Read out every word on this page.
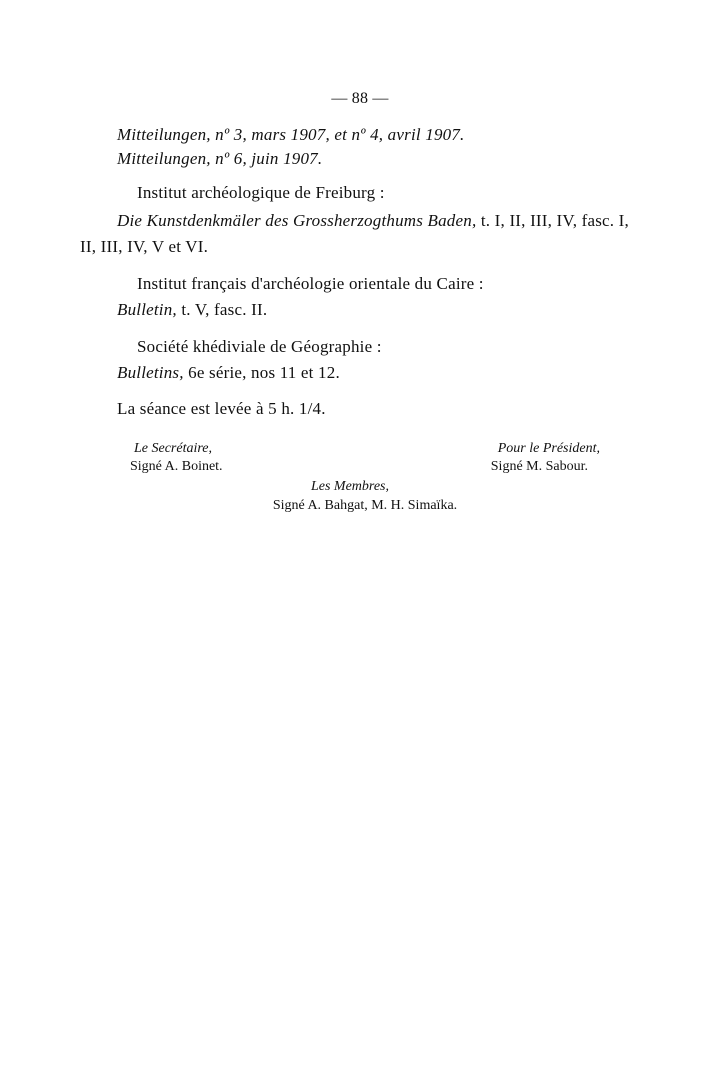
— 88 —
Mitteilungen, nº 3, mars 1907, et nº 4, avril 1907.
Mitteilungen, nº 6, juin 1907.
Institut archéologique de Freiburg :
Die Kunstdenkmäler des Grossherzogthums Baden, t. I, II, III, IV, fasc. I,
II, III, IV, V et VI.
Institut français d'archéologie orientale du Caire :
Bulletin, t. V, fasc. II.
Société khédiviale de Géographie :
Bulletins, 6e série, nos 11 et 12.
La séance est levée à 5 h. 1/4.
Le Secrétaire,
Signé A. Boinet.
Pour le Président,
Signé M. Sabour.
Les Membres,
Signé A. Bahgat, M. H. Simaïka.
